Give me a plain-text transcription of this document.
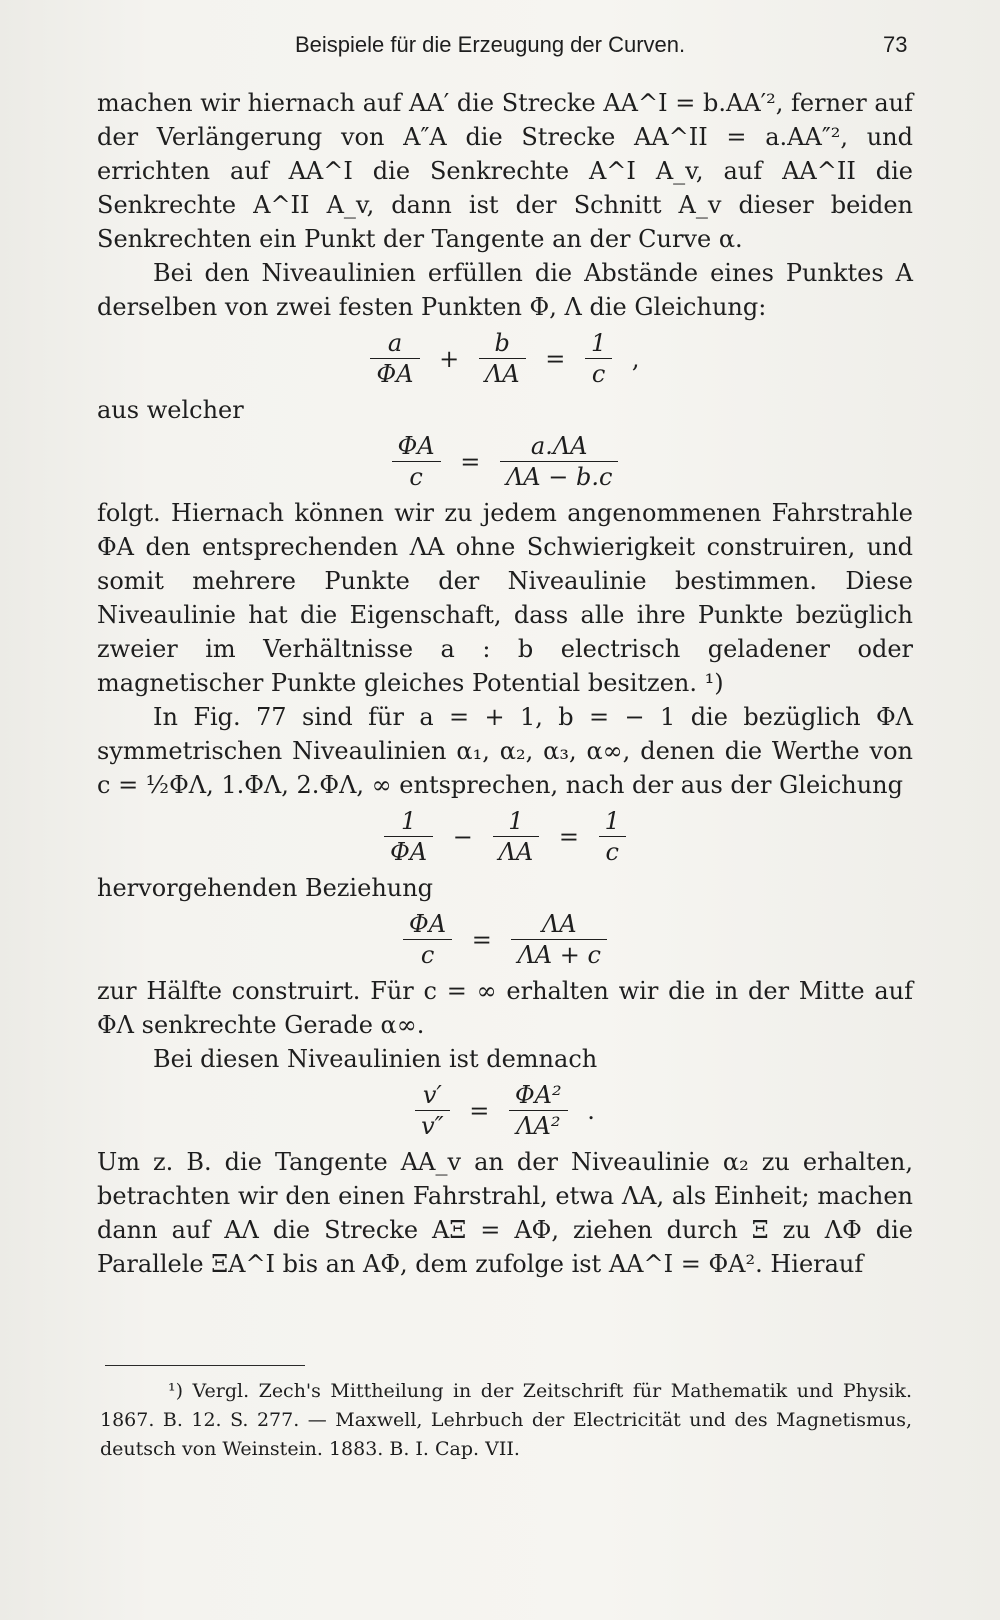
Beispiele für die Erzeugung der Curven.	73

machen wir hiernach auf AA′ die Strecke AA^I = b.AA′², ferner auf der Verlängerung von A″A die Strecke AA^II = a.AA″², und errichten auf AA^I die Senkrechte A^I A_v, auf AA^II die Senkrechte A^II A_v, dann ist der Schnitt A_v dieser beiden Senkrechten ein Punkt der Tangente an der Curve α.

Bei den Niveaulinien erfüllen die Abstände eines Punktes A derselben von zwei festen Punkten Φ, Λ die Gleichung:

$\frac{a}{\Phi A} + \frac{b}{\Lambda A} = \frac{1}{c}$ ,

aus welcher

$\frac{\Phi A}{c} = \frac{a.\Lambda A}{\Lambda A - b.c}$

folgt. Hiernach können wir zu jedem angenommenen Fahrstrahle ΦA den entsprechenden ΛA ohne Schwierigkeit construiren, und somit mehrere Punkte der Niveaulinie bestimmen. Diese Niveaulinie hat die Eigenschaft, dass alle ihre Punkte bezüglich zweier im Verhältnisse a : b electrisch geladener oder magnetischer Punkte gleiches Potential besitzen. ¹)

In Fig. 77 sind für a = + 1, b = − 1 die bezüglich ΦΛ symmetrischen Niveaulinien α₁, α₂, α₃, α∞, denen die Werthe von c = ½ΦΛ, 1.ΦΛ, 2.ΦΛ, ∞ entsprechen, nach der aus der Gleichung

$\frac{1}{\Phi A} - \frac{1}{\Lambda A} = \frac{1}{c}$

hervorgehenden Beziehung

$\frac{\Phi A}{c} = \frac{\Lambda A}{\Lambda A + c}$

zur Hälfte construirt. Für c = ∞ erhalten wir die in der Mitte auf ΦΛ senkrechte Gerade α∞.

Bei diesen Niveaulinien ist demnach

$\frac{v'}{v''} = \frac{\text{ΦA²}}{\text{ΛA²}}$ .

Um z. B. die Tangente AA_v an der Niveaulinie α₂ zu erhalten, betrachten wir den einen Fahrstrahl, etwa ΛA, als Einheit; machen dann auf AΛ die Strecke AΞ = AΦ, ziehen durch Ξ zu ΛΦ die Parallele ΞA^I bis an AΦ, dem zufolge ist AA^I = ΦA². Hierauf

¹) Vergl. Zech's Mittheilung in der Zeitschrift für Mathematik und Physik. 1867. B. 12. S. 277. — Maxwell, Lehrbuch der Electricität und des Magnetismus, deutsch von Weinstein. 1883. B. I. Cap. VII.
